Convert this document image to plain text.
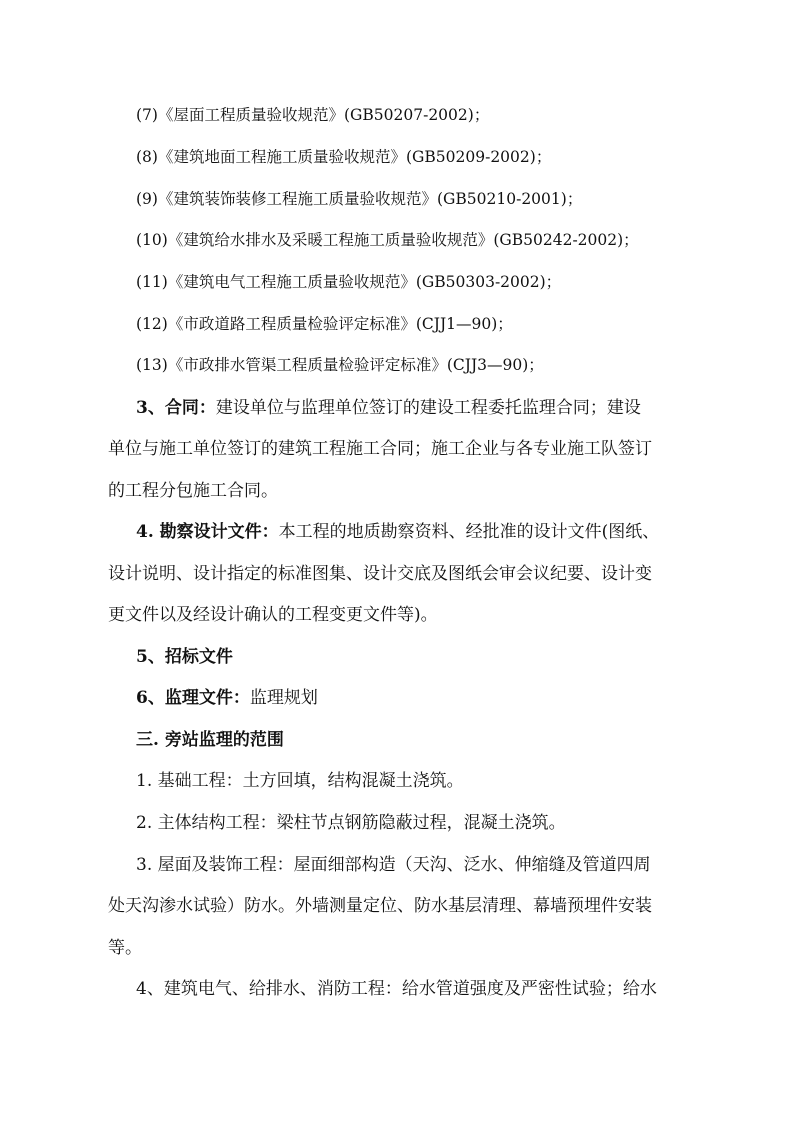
(7)《屋面工程质量验收规范》(GB50207-2002)；
(8)《建筑地面工程施工质量验收规范》(GB50209-2002)；
(9)《建筑装饰装修工程施工质量验收规范》(GB50210-2001)；
(10)《建筑给水排水及采暖工程施工质量验收规范》(GB50242-2002)；
(11)《建筑电气工程施工质量验收规范》(GB50303-2002)；
(12)《市政道路工程质量检验评定标准》(CJJ1—90)；
(13)《市政排水管渠工程质量检验评定标准》(CJJ3—90)；
3、合同：建设单位与监理单位签订的建设工程委托监理合同；建设
单位与施工单位签订的建筑工程施工合同；施工企业与各专业施工队签订
的工程分包施工合同。
4. 勘察设计文件：本工程的地质勘察资料、经批准的设计文件(图纸、
设计说明、设计指定的标准图集、设计交底及图纸会审会议纪要、设计变
更文件以及经设计确认的工程变更文件等)。
5、招标文件
6、监理文件：监理规划
三. 旁站监理的范围
1. 基础工程：土方回填，结构混凝土浇筑。
2. 主体结构工程：梁柱节点钢筋隐蔽过程，混凝土浇筑。
3. 屋面及装饰工程：屋面细部构造（天沟、泛水、伸缩缝及管道四周
处天沟渗水试验）防水。外墙测量定位、防水基层清理、幕墙预埋件安装
等。
4、建筑电气、给排水、消防工程：给水管道强度及严密性试验；给水
